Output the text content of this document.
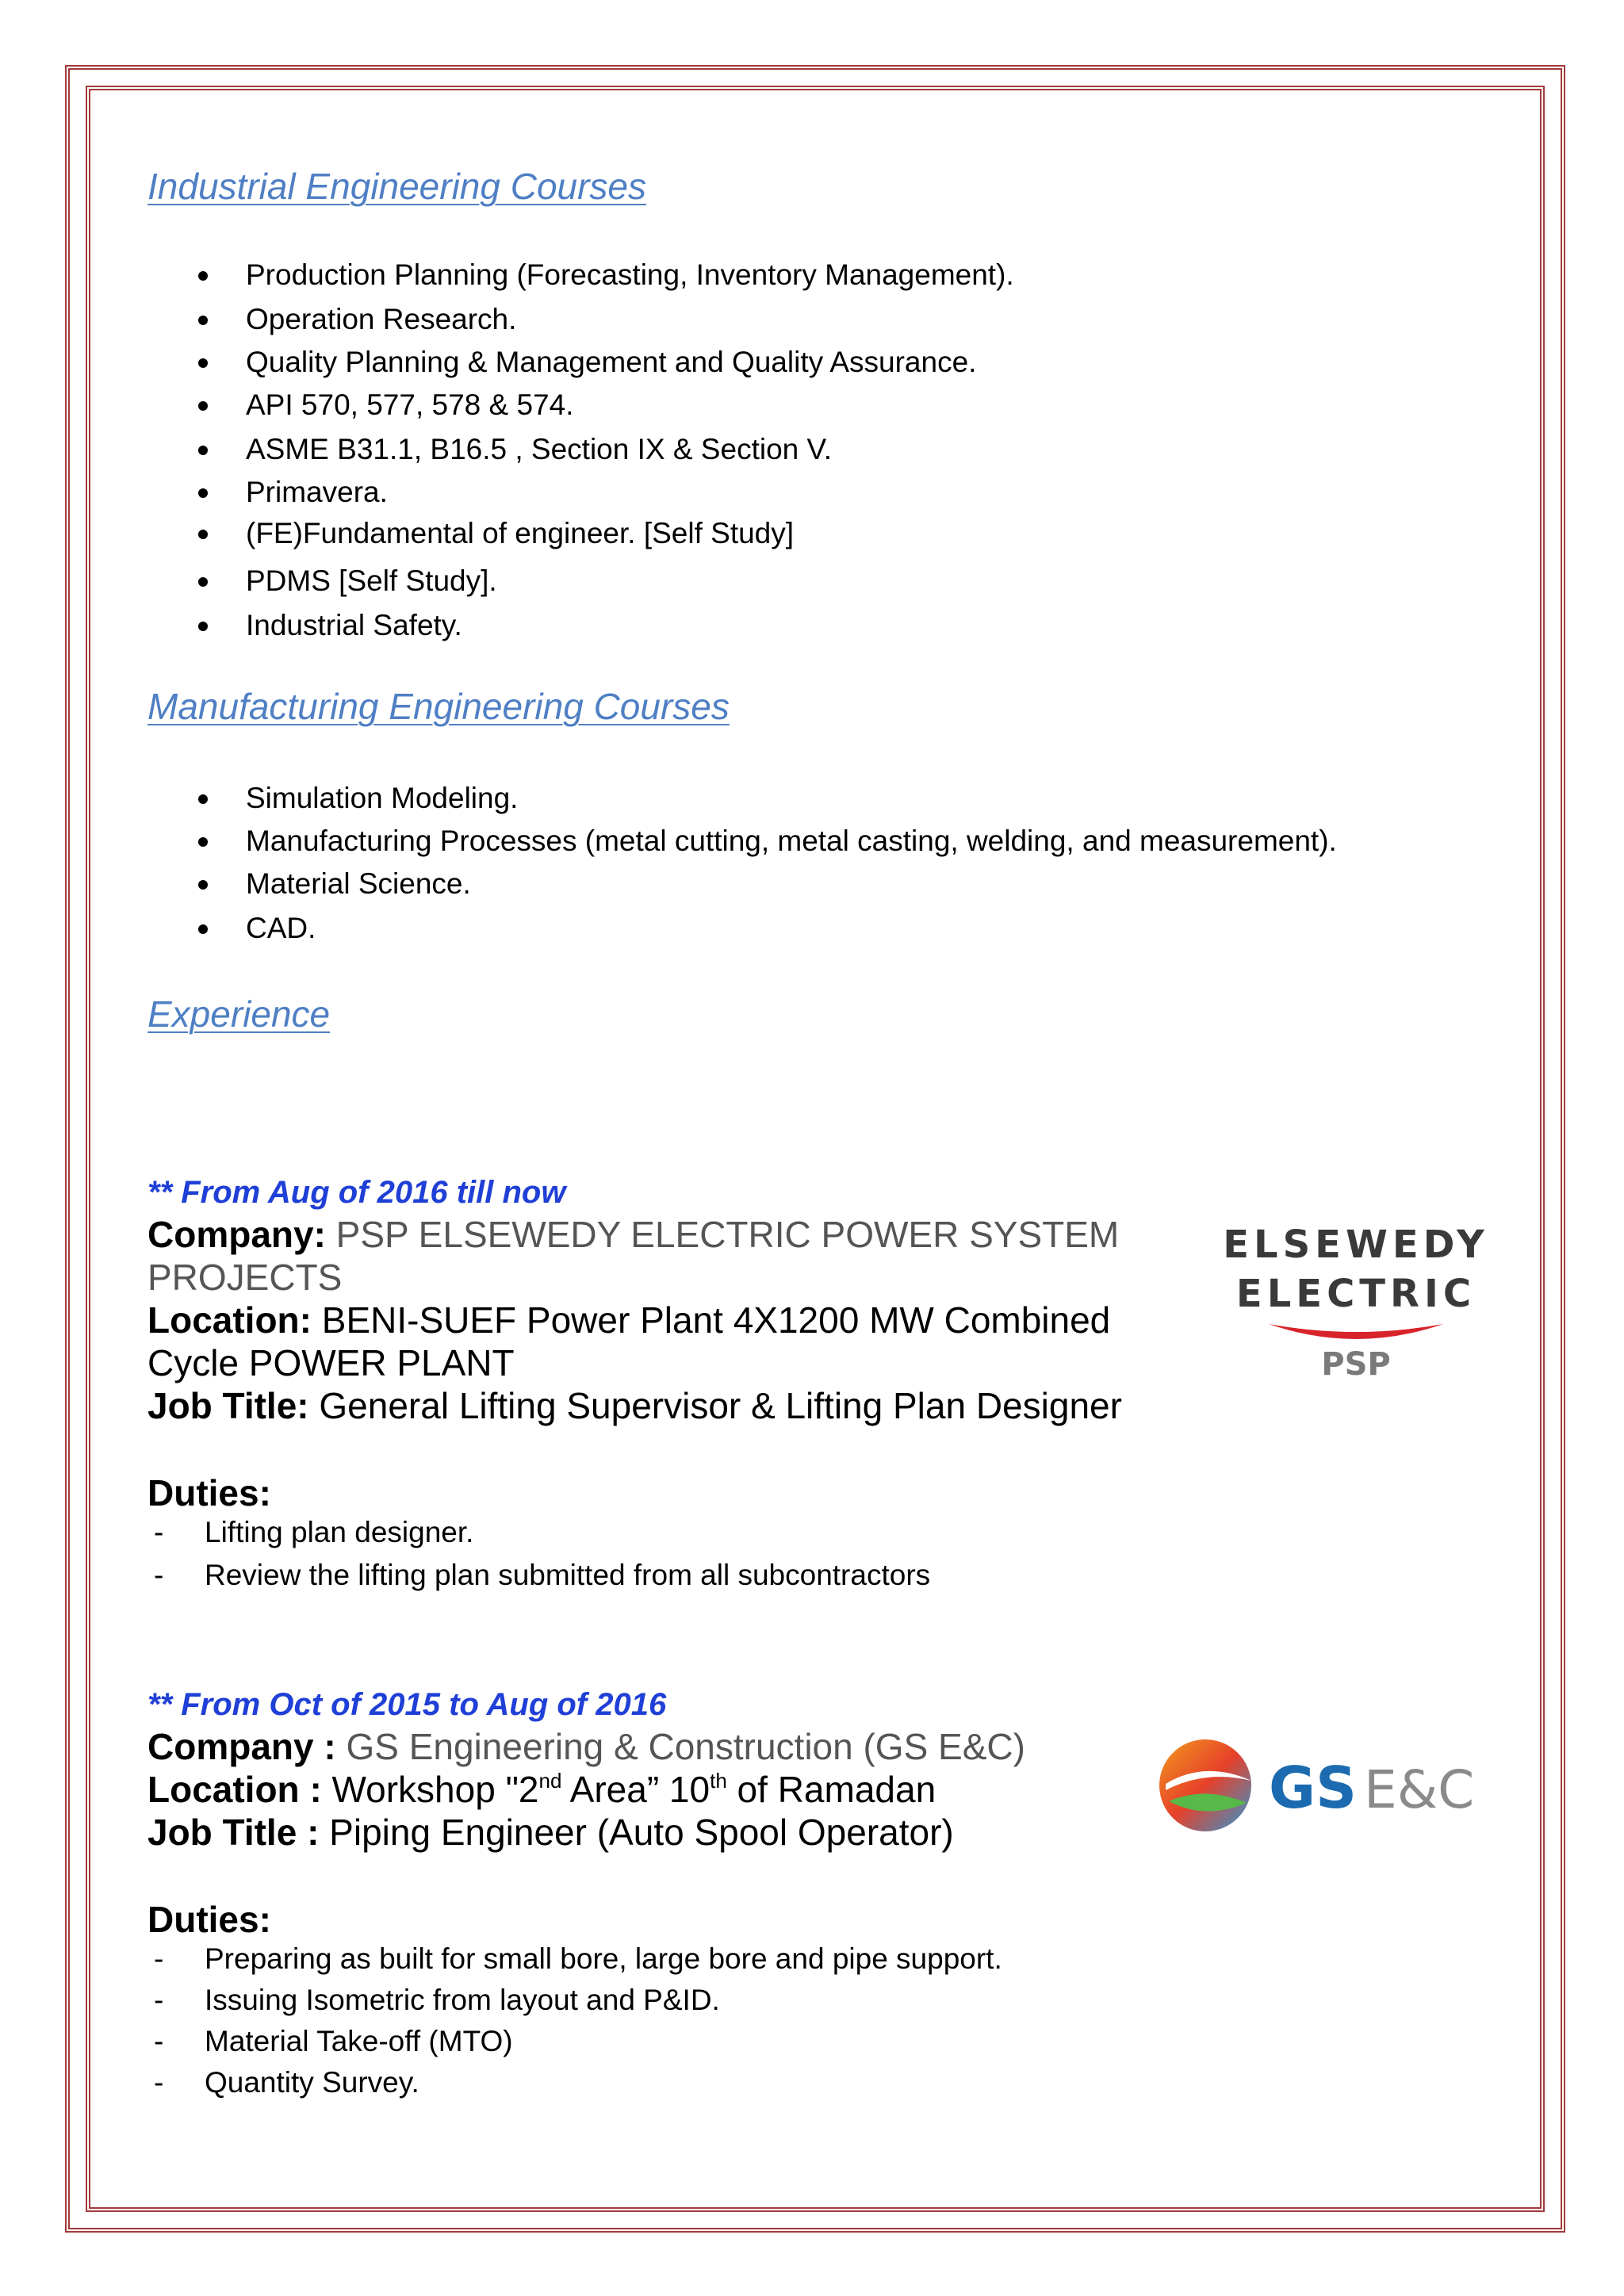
Industrial Engineering Courses
Production Planning (Forecasting, Inventory Management).
Operation Research.
Quality Planning & Management and Quality Assurance.
API 570, 577, 578 & 574.
ASME B31.1, B16.5 , Section IX & Section V.
Primavera.
(FE)Fundamental of engineer. [Self Study]
PDMS [Self Study].
Industrial Safety.
Manufacturing Engineering Courses
Simulation Modeling.
Manufacturing Processes (metal cutting, metal casting, welding, and measurement).
Material Science.
CAD.
Experience
** From Aug of 2016 till now
Company: PSP ELSEWEDY ELECTRIC POWER SYSTEM
PROJECTS
Location: BENI-SUEF Power Plant 4X1200 MW Combined
Cycle POWER PLANT
Job Title: General Lifting Supervisor & Lifting Plan Designer
Duties:
- Lifting plan designer.
- Review the lifting plan submitted from all subcontractors
ELSEWEDY
ELECTRIC
PSP
** From Oct of 2015 to Aug of 2016
Company : GS Engineering & Construction (GS E&C)
Location : Workshop "2nd Area” 10th of Ramadan
Job Title : Piping Engineer (Auto Spool Operator)
Duties:
- Preparing as built for small bore, large bore and pipe support.
- Issuing Isometric from layout and P&ID.
- Material Take-off (MTO)
- Quantity Survey.
GS E&C
